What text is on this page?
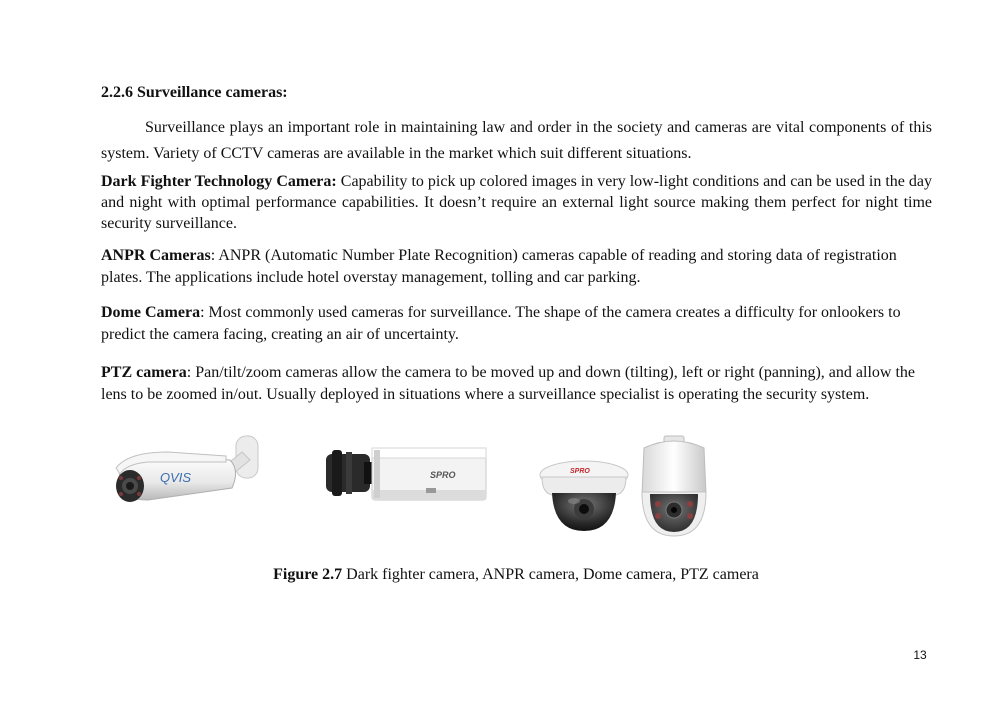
2.2.6 Surveillance cameras:

Surveillance plays an important role in maintaining law and order in the society and cameras are vital components of this system. Variety of CCTV cameras are available in the market which suit different situations.

Dark Fighter Technology Camera: Capability to pick up colored images in very low-light conditions and can be used in the day and night with optimal performance capabilities. It doesn’t require an external light source making them perfect for night time security surveillance.

ANPR Cameras: ANPR (Automatic Number Plate Recognition) cameras capable of reading and storing data of registration plates. The applications include hotel overstay management, tolling and car parking.

Dome Camera: Most commonly used cameras for surveillance. The shape of the camera creates a difficulty for onlookers to predict the camera facing, creating an air of uncertainty.

PTZ camera: Pan/tilt/zoom cameras allow the camera to be moved up and down (tilting), left or right (panning), and allow the lens to be zoomed in/out. Usually deployed in situations where a surveillance specialist is operating the security system.

QVIS	SPRO	SPRO

Figure 2.7 Dark fighter camera, ANPR camera, Dome camera, PTZ camera

13
